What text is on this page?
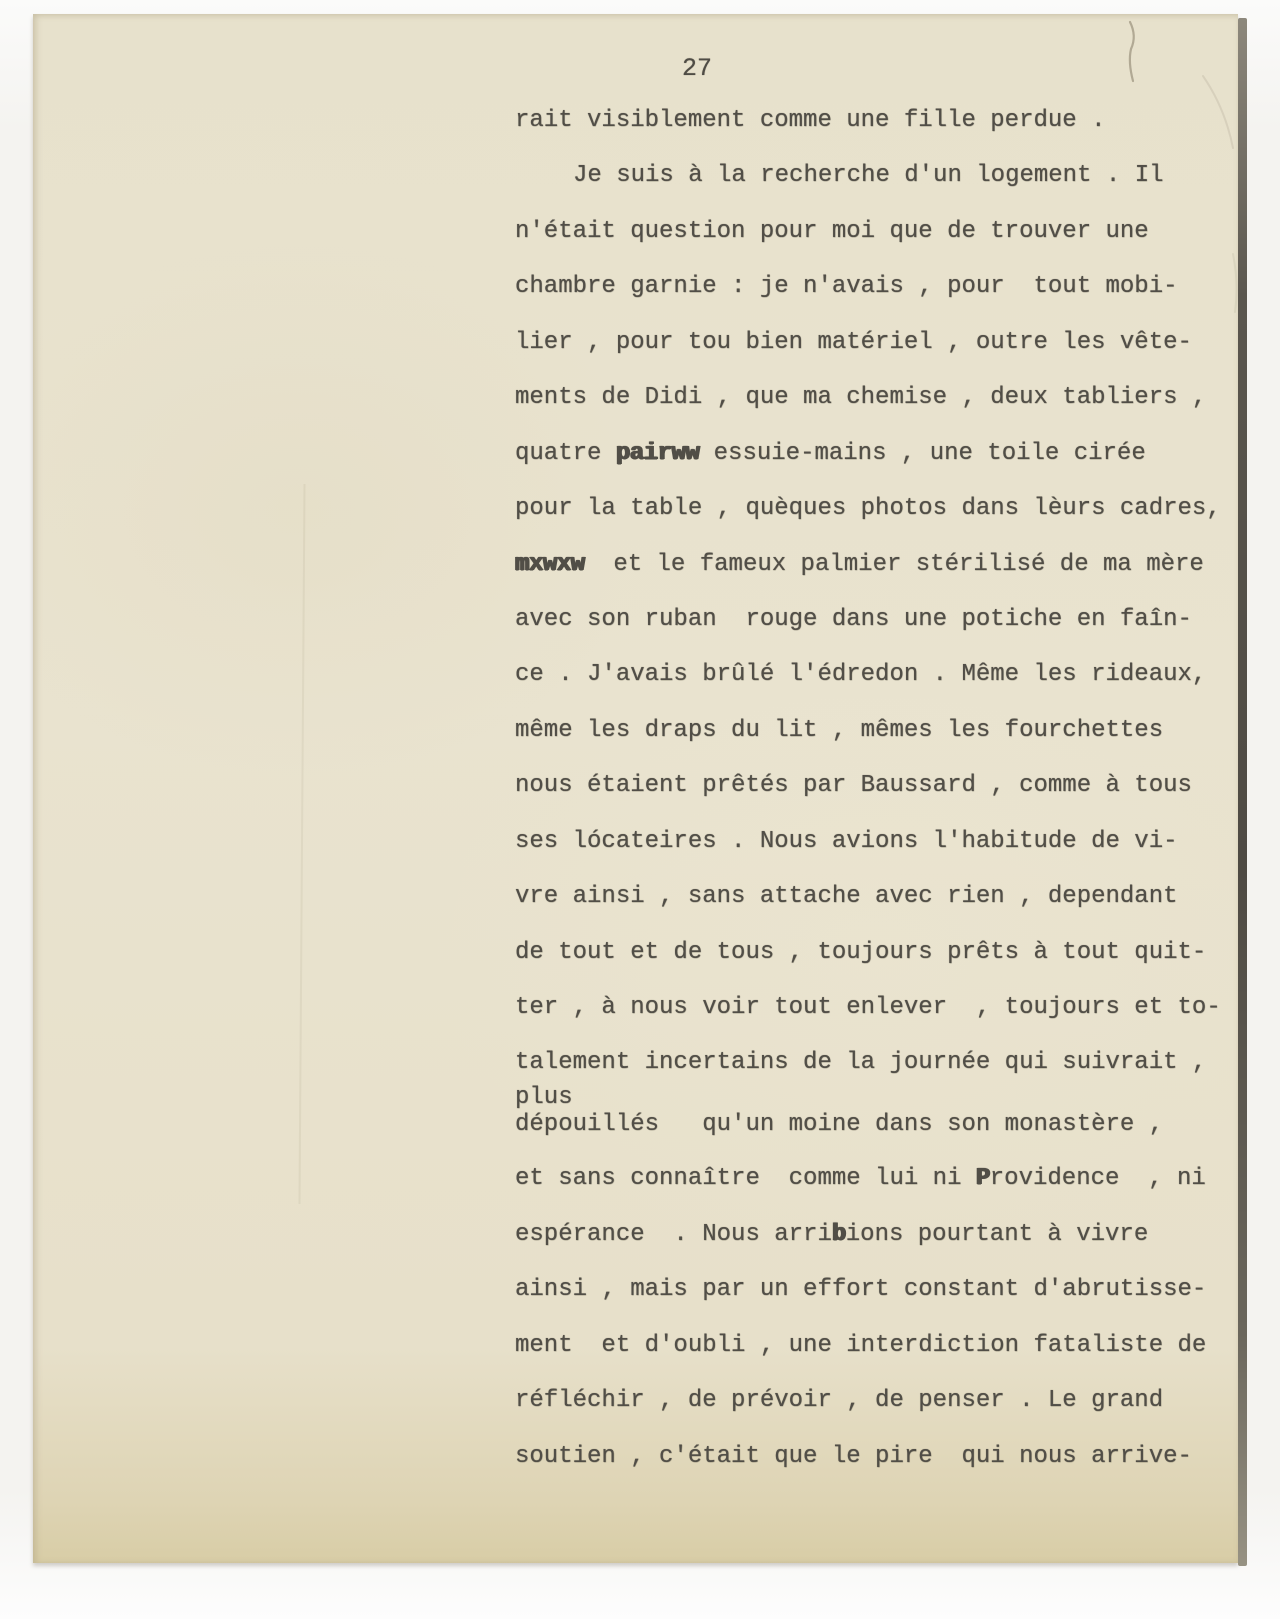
27
rait visiblement comme une fille perdue .
Je suis à la recherche d'un logement . Il
n'était question pour moi que de trouver une
chambre garnie : je n'avais , pour  tout mobi-
lier , pour tou bien matériel , outre les vête-
ments de Didi , que ma chemise , deux tabliers ,
quatre pairww essuie-mains , une toile cirée
pour la table , quèques photos dans lèurs cadres,
mxwxw  et le fameux palmier stérilisé de ma mère
avec son ruban  rouge dans une potiche en faîn-
ce . J'avais brûlé l'édredon . Même les rideaux,
même les draps du lit , mêmes les fourchettes
nous étaient prêtés par Baussard , comme à tous
ses lócateires . Nous avions l'habitude de vi-
vre ainsi , sans attache avec rien , dependant
de tout et de tous , toujours prêts à tout quit-
ter , à nous voir tout enlever  , toujours et to-
talement incertains de la journée qui suivrait ,
plus
dépouillés   qu'un moine dans son monastère ,
et sans connaître  comme lui ni Providence  , ni
espérance  . Nous arribions pourtant à vivre
ainsi , mais par un effort constant d'abrutisse-
ment  et d'oubli , une interdiction fataliste de
réfléchir , de prévoir , de penser . Le grand
soutien , c'était que le pire  qui nous arrive-
